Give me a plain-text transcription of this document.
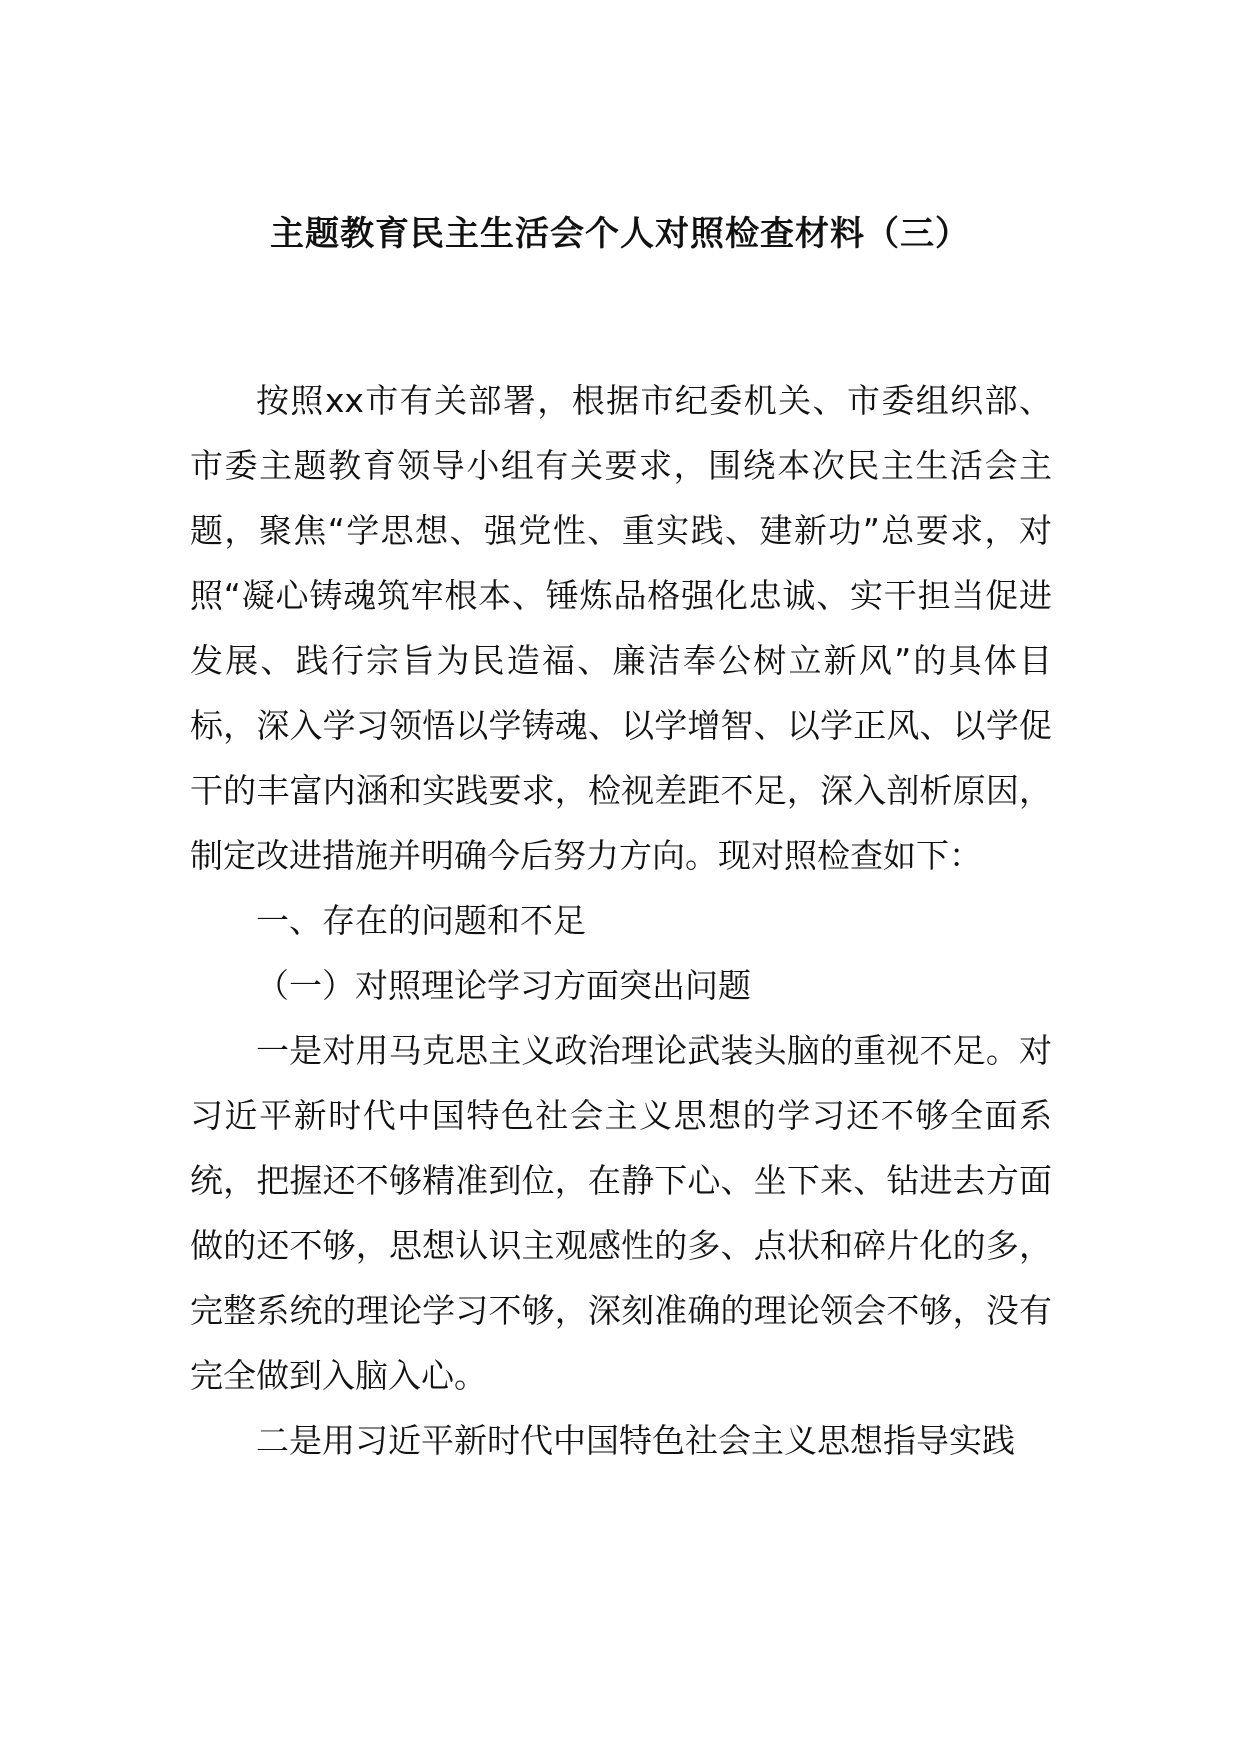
主题教育民主生活会个人对照检查材料（三）

按照xx市有关部署，根据市纪委机关、市委组织部、市委主题教育领导小组有关要求，围绕本次民主生活会主题，聚焦“学思想、强党性、重实践、建新功”总要求，对照“凝心铸魂筑牢根本、锤炼品格强化忠诚、实干担当促进发展、践行宗旨为民造福、廉洁奉公树立新风”的具体目标，深入学习领悟以学铸魂、以学增智、以学正风、以学促干的丰富内涵和实践要求，检视差距不足，深入剖析原因，制定改进措施并明确今后努力方向。现对照检查如下：

一、存在的问题和不足

（一）对照理论学习方面突出问题

一是对用马克思主义政治理论武装头脑的重视不足。对习近平新时代中国特色社会主义思想的学习还不够全面系统，把握还不够精准到位，在静下心、坐下来、钻进去方面做的还不够，思想认识主观感性的多、点状和碎片化的多，完整系统的理论学习不够，深刻准确的理论领会不够，没有完全做到入脑入心。

二是用习近平新时代中国特色社会主义思想指导实践
